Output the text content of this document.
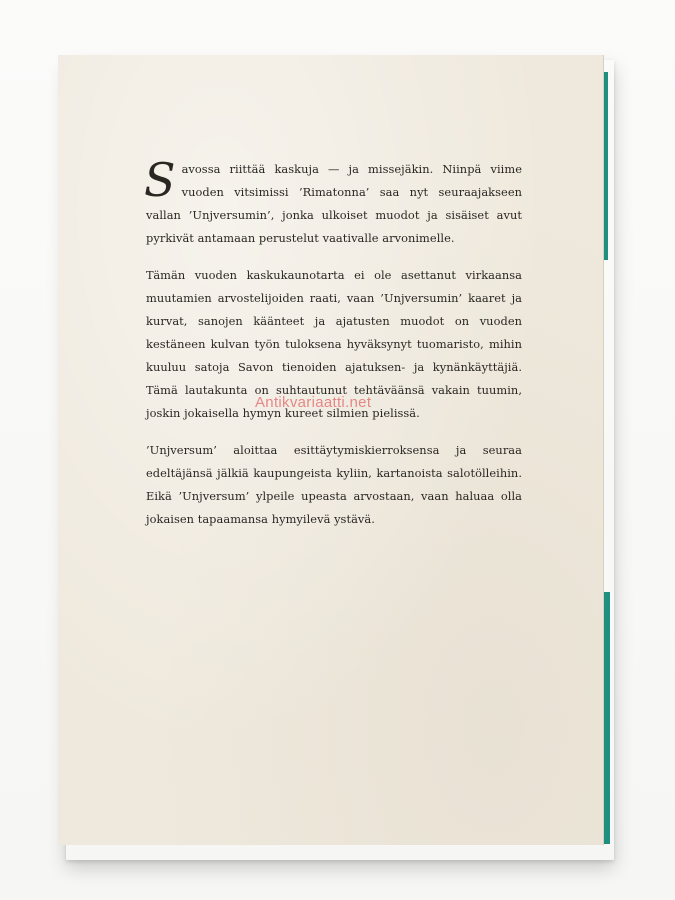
Savossa riittää kaskuja — ja missejäkin. Niinpä viime vuoden vitsimissi ’Rimatonna’ saa nyt seuraajakseen vallan ’Unjversumin’, jonka ulkoiset muodot ja sisäiset avut pyrkivät antamaan perustelut vaativalle arvonimelle.

Tämän vuoden kaskukaunotarta ei ole asettanut virkaansa muutamien arvostelijoiden raati, vaan ’Unjversumin’ kaaret ja kurvat, sanojen käänteet ja ajatusten muodot on vuoden kestäneen kulvan työn tuloksena hyväksynyt tuomaristo, mihin kuuluu satoja Savon tienoiden ajatuksen- ja kynänkäyttäjiä. Tämä lautakunta on suhtautunut tehtäväänsä vakain tuumin, joskin jokaisella hymyn kureet silmien pielissä.

’Unjversum’ aloittaa esittäytymiskierroksensa ja seuraa edeltäjänsä jälkiä kaupungeista kyliin, kartanoista salotölleihin. Eikä ’Unjversum’ ylpeile upeasta arvostaan, vaan haluaa olla jokaisen tapaamansa hymyilevä ystävä.

Antikvariaatti.net
